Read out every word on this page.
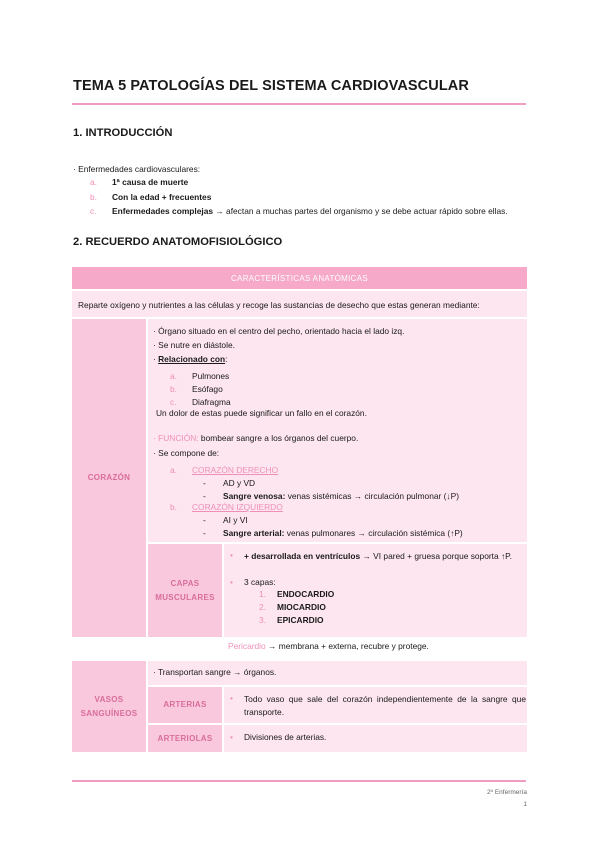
TEMA 5 PATOLOGÍAS DEL SISTEMA CARDIOVASCULAR
1. INTRODUCCIÓN
· Enfermedades cardiovasculares:
a. 1ª causa de muerte
b. Con la edad + frecuentes
c. Enfermedades complejas → afectan a muchas partes del organismo y se debe actuar rápido sobre ellas.
2. RECUERDO ANATOMOFISIOLÓGICO
CARACTERÍSTICAS ANATÓMICAS
Reparte oxígeno y nutrientes a las células y recoge las sustancias de desecho que estas generan mediante:
CORAZÓN
· Órgano situado en el centro del pecho, orientado hacia el lado izq.
· Se nutre en diástole.
· Relacionado con:
a. Pulmones
b. Esófago
c. Diafragma
Un dolor de estas puede significar un fallo en el corazón.
· FUNCIÓN: bombear sangre a los órganos del cuerpo.
· Se compone de:
a. CORAZÓN DERECHO
- AD y VD
- Sangre venosa: venas sistémicas → circulación pulmonar (↓P)
b. CORAZÓN IZQUIERDO
- AI y VI
- Sangre arterial: venas pulmonares → circulación sistémica (↑P)
CAPAS
MUSCULARES
• + desarrollada en ventrículos → VI pared + gruesa porque soporta ↑P.
• 3 capas:
1. ENDOCARDIO
2. MIOCARDIO
3. EPICARDIO
Pericardio → membrana + externa, recubre y protege.
VASOS
SANGUÍNEOS
· Transportan sangre → órganos.
ARTERIAS
• Todo vaso que sale del corazón independientemente de la sangre que transporte.
ARTERIOLAS	• Divisiones de arterias.
2º Enfermería
1
